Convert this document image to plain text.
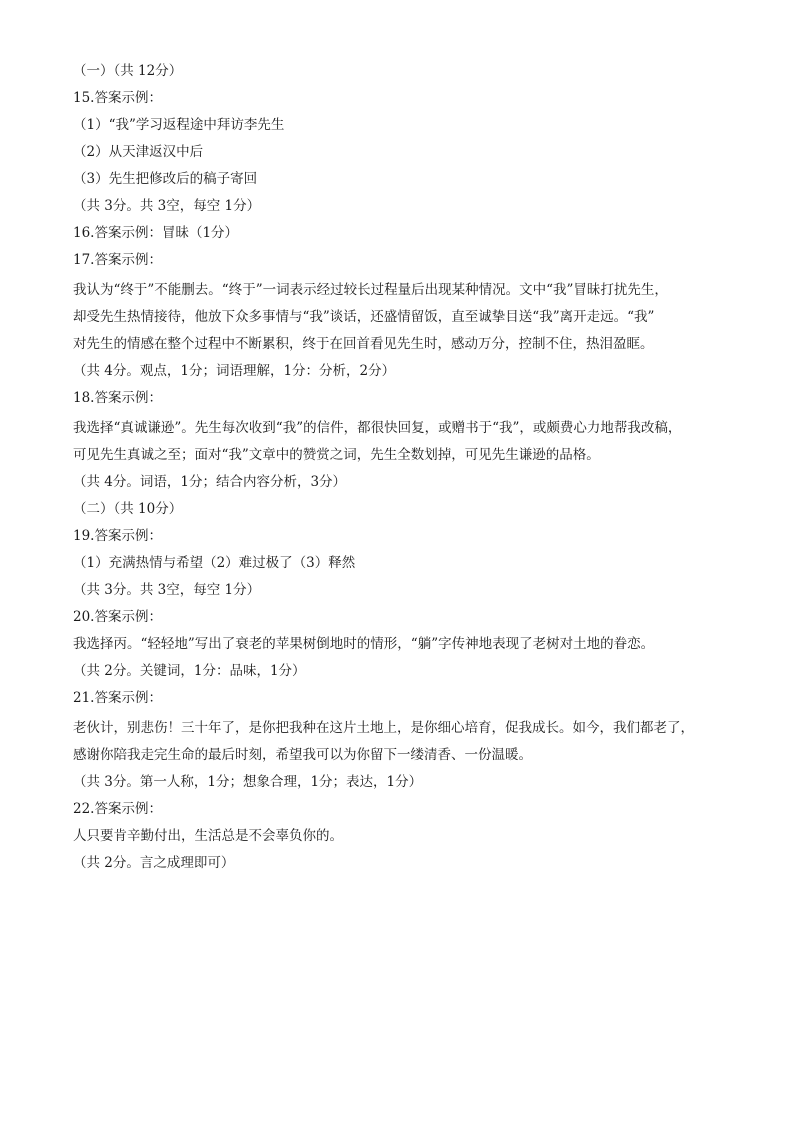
（一）（共 12分）
15.答案示例：
（1）“我”学习返程途中拜访李先生
（2）从天津返汉中后
（3）先生把修改后的稿子寄回
（共 3分。共 3空，每空 1分）
16.答案示例：冒昧（1分）
17.答案示例：
我认为“终于”不能删去。“终于”一词表示经过较长过程量后出现某种情况。文中“我”冒昧打扰先生，
却受先生热情接待，他放下众多事情与“我”谈话，还盛情留饭，直至诚挚目送“我”离开走远。“我”
对先生的情感在整个过程中不断累积，终于在回首看见先生时，感动万分，控制不住，热泪盈眶。
（共 4分。观点，1分；词语理解，1分：分析，2分）
18.答案示例：
我选择“真诚谦逊”。先生每次收到“我”的信件，都很快回复，或赠书于“我”，或颇费心力地帮我改稿，
可见先生真诚之至；面对“我”文章中的赞赏之词，先生全数划掉，可见先生谦逊的品格。
（共 4分。词语，1分；结合内容分析，3分）
（二）（共 10分）
19.答案示例：
（1）充满热情与希望（2）难过极了（3）释然
（共 3分。共 3空，每空 1分）
20.答案示例：
我选择丙。“轻轻地”写出了衰老的苹果树倒地时的情形，“躺”字传神地表现了老树对土地的眷恋。
（共 2分。关键词，1分：品味，1分）
21.答案示例：
老伙计，别悲伤！三十年了，是你把我种在这片土地上，是你细心培育，促我成长。如今，我们都老了，
感谢你陪我走完生命的最后时刻，希望我可以为你留下一缕清香、一份温暖。
（共 3分。第一人称，1分；想象合理，1分；表达，1分）
22.答案示例：
人只要肯辛勤付出，生活总是不会辜负你的。
（共 2分。言之成理即可）
